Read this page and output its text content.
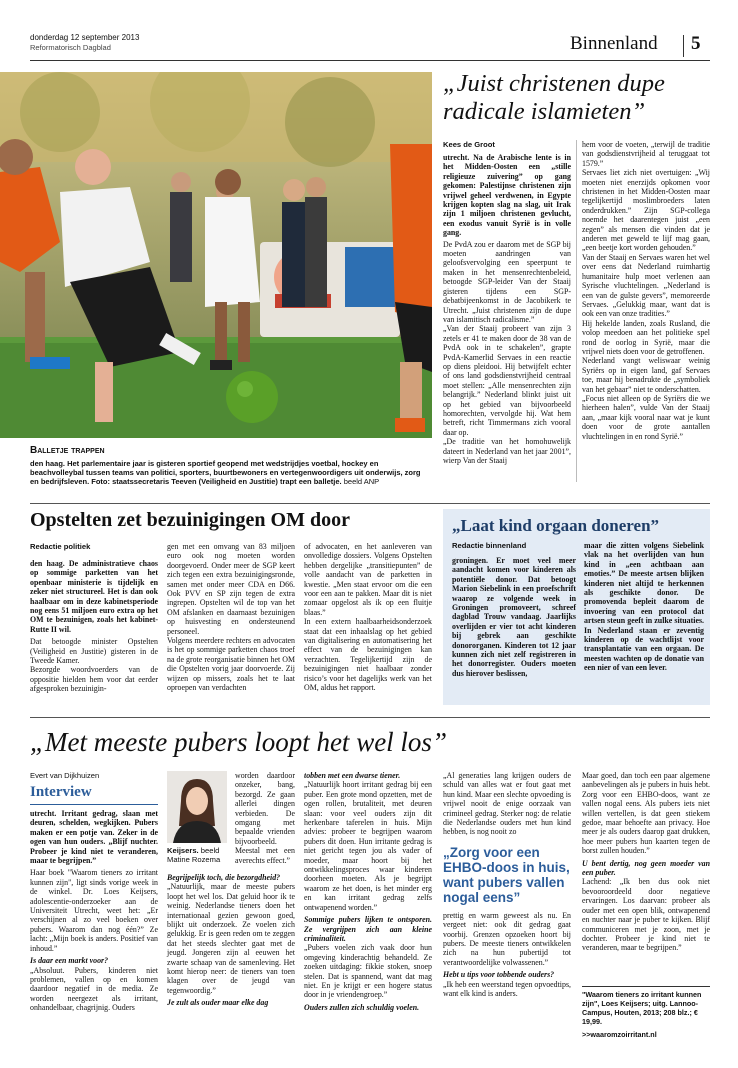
donderdag 12 september 2013
Reformatorisch Dagblad	Binnenland 5
Balletje trappen
den haag. Het parlementaire jaar is gisteren sportief geopend met wedstrijdjes voetbal, hockey en beachvolleybal tussen teams van politici, sporters, buurtbewoners en vertegenwoordigers uit onderwijs, zorg en bedrijfsleven. Foto: staatssecretaris Teeven (Veiligheid en Justitie) trapt een balletje. beeld ANP
„Juist christenen dupe radicale islamieten”
Kees de Groot

utrecht. Na de Arabische lente is in het Midden-Oosten een „stille religieuze zuivering” op gang gekomen: Palestijnse christenen zijn vrijwel geheel verdwenen, in Egypte krijgen kopten slag na slag, uit Irak zijn 1 miljoen christenen gevlucht, een exodus vanuit Syrië is in volle gang.

De PvdA zou er daarom met de SGP bij moeten aandringen van geloofsvervolging een speerpunt te maken in het mensenrechtenbeleid, betoogde SGP-leider Van der Staaij gisteren tijdens een SGP-debatbijeenkomst in de Jacobikerk te Utrecht. „Juist christenen zijn de dupe van islamitisch radicalisme.”

„Van der Staaij probeert van zijn 3 zetels er 41 te maken door de 38 van de PvdA ook in te schakelen”, grapte PvdA-Kamerlid Servaes in een reactie op diens pleidooi. Hij betwijfelt echter of ons land godsdienstvrijheid centraal moet stellen: „Alle mensenrechten zijn belangrijk.” Nederland blinkt juist uit op het gebied van bijvoorbeeld homorechten, vervolgde hij. Wat hem betreft, richt Timmermans zich vooral daar op.

„De traditie van het homohuwelijk dateert in Nederland van het jaar 2001”, wierp Van der Staaij

hem voor de voeten, „terwijl de traditie van godsdienstvrijheid al teruggaat tot 1579.”

Servaes liet zich niet overtuigen: „Wij moeten niet enerzijds opkomen voor christenen in het Midden-Oosten maar tegelijkertijd moslimbroeders laten onderdrukken.” Zijn SGP-collega noemde het daarentegen juist „een zegen” als mensen die vinden dat je anderen met geweld te lijf mag gaan, „een beetje kort worden gehouden.”

Van der Staaij en Servaes waren het wel over eens dat Nederland ruimhartig humanitaire hulp moet verlenen aan Syrische vluchtelingen. „Nederland is een van de gulste gevers”, memoreerde Servaes. „Gelukkig maar, want dat is ook een van onze tradities.”

Hij hekelde landen, zoals Rusland, die volop meedoen aan het politieke spel rond de oorlog in Syrië, maar die vrijwel niets doen voor de getroffenen.

Nederland vangt weliswaar weinig Syriërs op in eigen land, gaf Servaes toe, maar hij benadrukte de „symboliek van het gebaar” niet te onderschatten.

„Focus niet alleen op de Syriërs die we hierheen halen”, vulde Van der Staaij aan, „maar kijk vooral naar wat je kunt doen voor de grote aantallen vluchtelingen in en rond Syrië.”

Opstelten zet bezuinigingen OM door
Redactie politiek

den haag. De administratieve chaos op sommige parketten van het openbaar ministerie is tijdelijk en zeker niet structureel. Het is dan ook haalbaar om in deze kabinetsperiode nog eens 51 miljoen euro extra op het OM te bezuinigen, zoals het kabinet-Rutte II wil.

Dat betoogde minister Opstelten (Veiligheid en Justitie) gisteren in de Tweede Kamer.

Bezorgde woordvoerders van de oppositie hielden hem voor dat eerder afgesproken bezuinigin-

gen met een omvang van 83 miljoen euro ook nog moeten worden doorgevoerd. Onder meer de SGP keert zich tegen een extra bezuinigingsronde, samen met onder meer CDA en D66. Ook PVV en SP zijn tegen de extra ingrepen. Opstelten wil de top van het OM afslanken en daarnaast bezuinigen op huisvesting en ondersteunend personeel.

Volgens meerdere rechters en advocaten is het op sommige parketten chaos troef na de grote reorganisatie binnen het OM die Opstelten vorig jaar doorvoerde. Zij wijzen op missers, zoals het te laat oproepen van verdachten

of advocaten, en het aanleveren van onvolledige dossiers. Volgens Opstelten hebben dergelijke „transitiepunten” de volle aandacht van de parketten in kwestie. „Men staat ervoor om die een voor een aan te pakken. Maar dit is niet zomaar opgelost als ik op een fluitje blaas.”

In een extern haalbaarheidsonderzoek staat dat een inhaalslag op het gebied van digitalisering en automatisering het effect van de bezuinigingen kan verzachten. Tegelijkertijd zijn de bezuinigingen niet haalbaar zonder risico’s voor het dagelijks werk van het OM, aldus het rapport.

„Laat kind orgaan doneren”
Redactie binnenland
groningen. Er moet veel meer aandacht komen voor kinderen als potentiële donor. Dat betoogt Marion Siebelink in een proefschrift waarop ze volgende week in Groningen promoveert, schreef dagblad Trouw vandaag. Jaarlijks overlijden er vier tot acht kinderen bij gebrek aan geschikte donororganen. Kinderen tot 12 jaar kunnen zich niet zelf registreren in het donorregister. Ouders moeten dus hierover beslissen,
maar die zitten volgens Siebelink vlak na het overlijden van hun kind in „een achtbaan aan emoties.” De meeste artsen blijken kinderen niet altijd te herkennen als geschikte donor. De promovenda bepleit daarom de invoering van een protocol dat artsen steun geeft in zulke situaties. In Nederland staan er zeventig kinderen op de wachtlijst voor transplantatie van een orgaan. De meesten wachten op de donatie van een nier of van een lever.
„Met meeste pubers loopt het wel los”
Evert van Dijkhuizen
Interview

utrecht. Irritant gedrag, slaan met deuren, schelden, wegkijken. Pubers maken er een potje van. Zeker in de ogen van hun ouders. „Blijf nuchter. Probeer je kind niet te veranderen, maar te begrijpen.”

Haar boek "Waarom tieners zo irritant kunnen zijn", ligt sinds vorige week in de winkel. Dr. Loes Keijsers, adolescentie-onderzoeker aan de Universiteit Utrecht, weet het: „Er verschijnen al zo veel boeken over pubers. Waarom dan nog één?” Ze lacht: „Mijn boek is anders. Positief van inhoud.”

Is daar een markt voor?

„Absoluut. Pubers, kinderen niet problemen, vallen op en komen daardoor negatief in de media. Ze worden neergezet als irritant, onhandelbaar, chagrijnig. Ouders

Keijsers. beeld Matine Rozema
worden daardoor onzeker, bang, bezorgd. Ze gaan allerlei dingen verbieden. De omgang met bepaalde vrienden bijvoorbeeld. Meestal met een averechts effect.”

Begrijpelijk toch, die bezorgdheid?

„Natuurlijk, maar de meeste pubers loopt het wel los. Dat geluid hoor ik te weinig. Nederlandse tieners doen het internationaal gezien gewoon goed, blijkt uit onderzoek. Ze voelen zich gelukkig. Er is geen reden om te zeggen dat het steeds slechter gaat met de jeugd. Jongeren zijn al eeuwen het zwarte schaap van de samenleving. Het komt hierop neer: de tieners van toen klagen over de jeugd van tegenwoordig.”

Je zult als ouder maar elke dag

tobben met een dwarse tiener.

„Natuurlijk hoort irritant gedrag bij een puber. Een grote mond opzetten, met de ogen rollen, brutaliteit, met deuren slaan: voor veel ouders zijn dit herkenbare taferelen in huis. Mijn advies: probeer te begrijpen waarom pubers dit doen. Hun irritante gedrag is niet gericht tegen jou als vader of moeder, maar hoort bij het ontwikkelingsproces waar kinderen doorheen moeten. Als je begrijpt waarom ze het doen, is het minder erg en kan irritant gedrag zelfs ontwapenend worden.”

Sommige pubers lijken te ontsporen. Ze vergrijpen zich aan kleine criminaliteit.

„Pubers voelen zich vaak door hun omgeving kinderachtig behandeld. Ze zoeken uitdaging: fikkie stoken, snoep stelen. Dat is spannend, want dat mag niet. En je krijgt er een hogere status door in je vriendengroep.”

Ouders zullen zich schuldig voelen.

„Al generaties lang krijgen ouders de schuld van alles wat er fout gaat met hun kind. Maar een slechte opvoeding is vrijwel nooit de enige oorzaak van crimineel gedrag. Sterker nog: de relatie die Nederlandse ouders met hun kind hebben, is nog nooit zo

„Zorg voor een EHBO-doos in huis, want pubers vallen nogal eens”

prettig en warm geweest als nu. En vergeet niet: ook dit gedrag gaat voorbij. Grenzen opzoeken hoort bij pubers. De meeste tieners ontwikkelen zich na hun pubertijd tot verantwoordelijke volwassenen.”

Hebt u tips voor tobbende ouders?

„Ik heb een weerstand tegen opvoedtips, want elk kind is anders.

Maar goed, dan toch een paar algemene aanbevelingen als je pubers in huis hebt. Zorg voor een EHBO-doos, want ze vallen nogal eens. Als pubers iets niet willen vertellen, is dat geen stiekem gedoe, maar behoefte aan privacy. Hoe meer je als ouders daarop gaat drukken, hoe meer pubers hun kaarten tegen de borst zullen houden.”

U bent dertig, nog geen moeder van een puber.

Lachend: „Ik ben dus ook niet bevooroordeeld door negatieve ervaringen. Los daarvan: probeer als ouder met een open blik, ontwapenend en nuchter naar je puber te kijken. Blijf communiceren met je zoon, met je dochter. Probeer je kind niet te veranderen, maar te begrijpen.”

"Waarom tieners zo irritant kunnen zijn", Loes Keijsers; uitg. Lannoo-Campus, Houten, 2013; 208 blz.; € 19,99.
>>waaromzoirritant.nl
